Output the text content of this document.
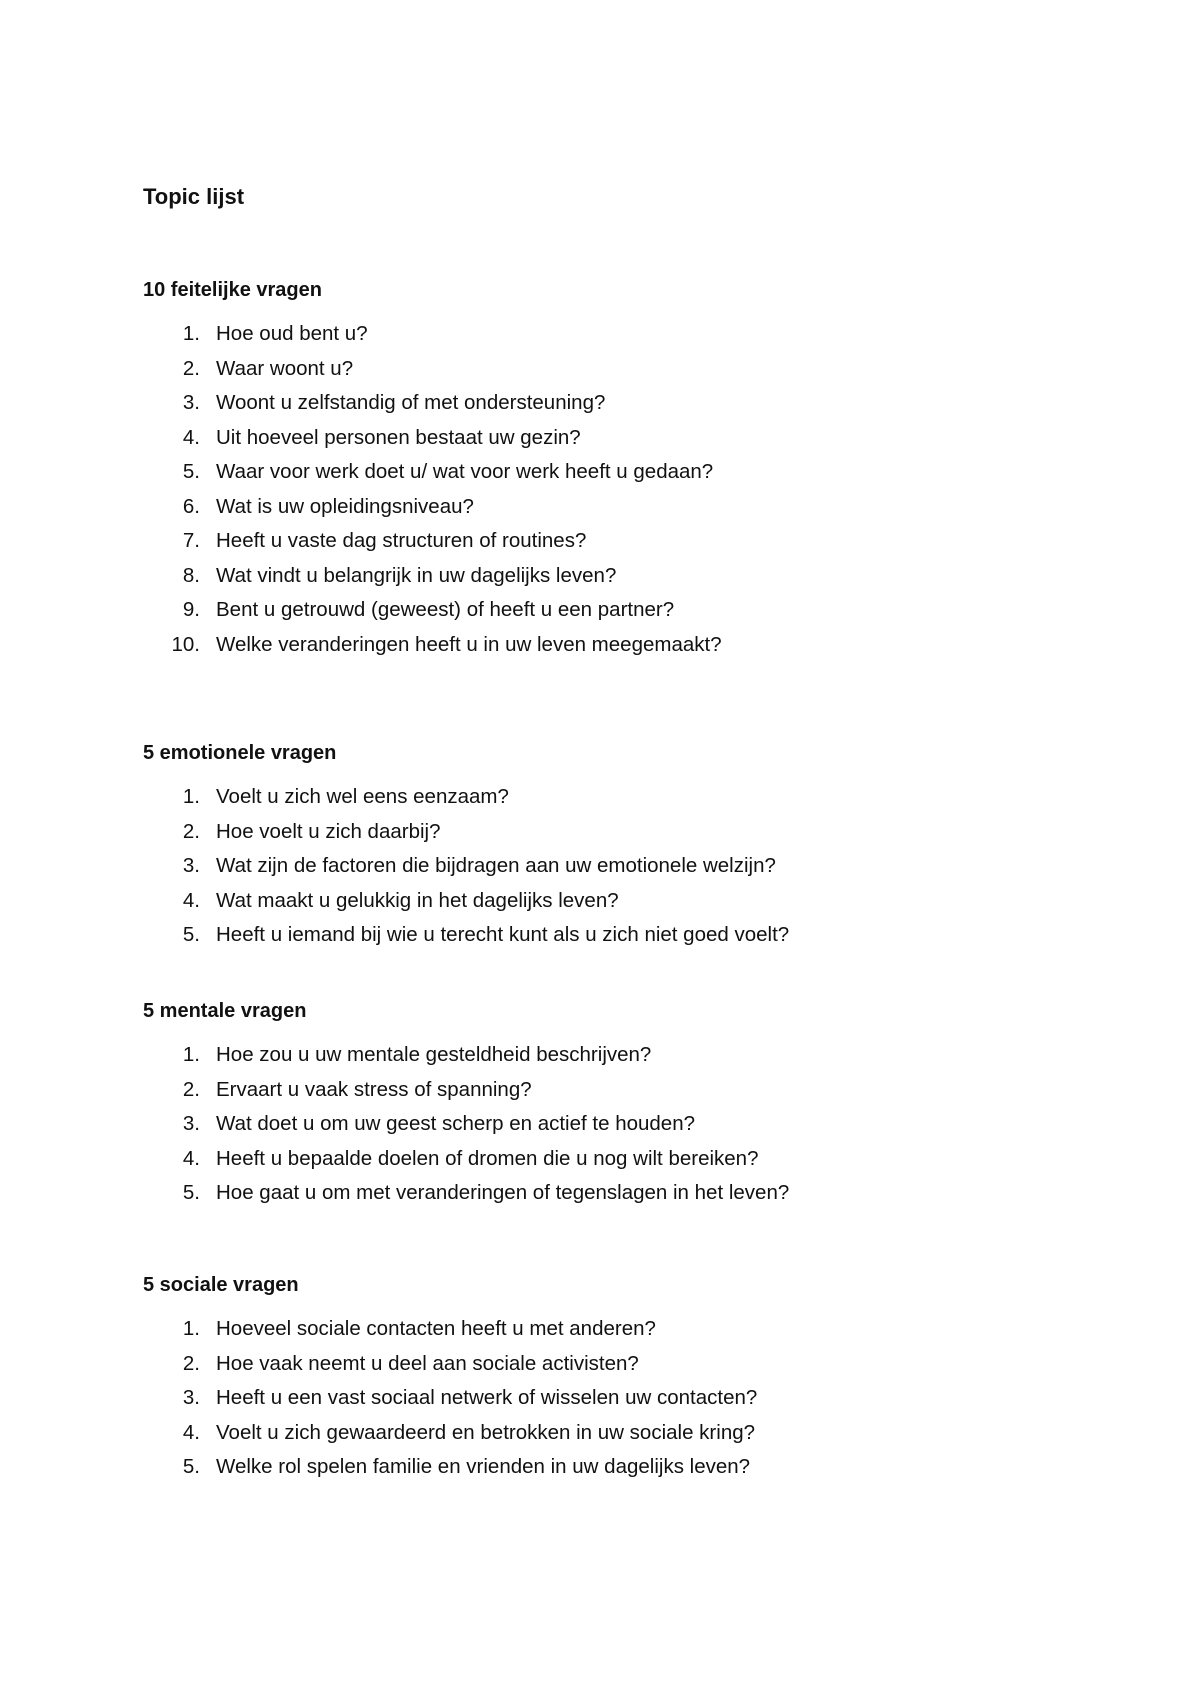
Topic lijst
10 feitelijke vragen
1. Hoe oud bent u?
2. Waar woont u?
3. Woont u zelfstandig of met ondersteuning?
4. Uit hoeveel personen bestaat uw gezin?
5. Waar voor werk doet u/ wat voor werk heeft u gedaan?
6. Wat is uw opleidingsniveau?
7. Heeft u vaste dag structuren of routines?
8. Wat vindt u belangrijk in uw dagelijks leven?
9. Bent u getrouwd (geweest) of heeft u een partner?
10. Welke veranderingen heeft u in uw leven meegemaakt?
5 emotionele vragen
1. Voelt u zich wel eens eenzaam?
2. Hoe voelt u zich daarbij?
3. Wat zijn de factoren die bijdragen aan uw emotionele welzijn?
4. Wat maakt u gelukkig in het dagelijks leven?
5. Heeft u iemand bij wie u terecht kunt als u zich niet goed voelt?
5 mentale vragen
1. Hoe zou u uw mentale gesteldheid beschrijven?
2. Ervaart u vaak stress of spanning?
3. Wat doet u om uw geest scherp en actief te houden?
4. Heeft u bepaalde doelen of dromen die u nog wilt bereiken?
5. Hoe gaat u om met veranderingen of tegenslagen in het leven?
5 sociale vragen
1. Hoeveel sociale contacten heeft u met anderen?
2. Hoe vaak neemt u deel aan sociale activisten?
3. Heeft u een vast sociaal netwerk of wisselen uw contacten?
4. Voelt u zich gewaardeerd en betrokken in uw sociale kring?
5. Welke rol spelen familie en vrienden in uw dagelijks leven?
